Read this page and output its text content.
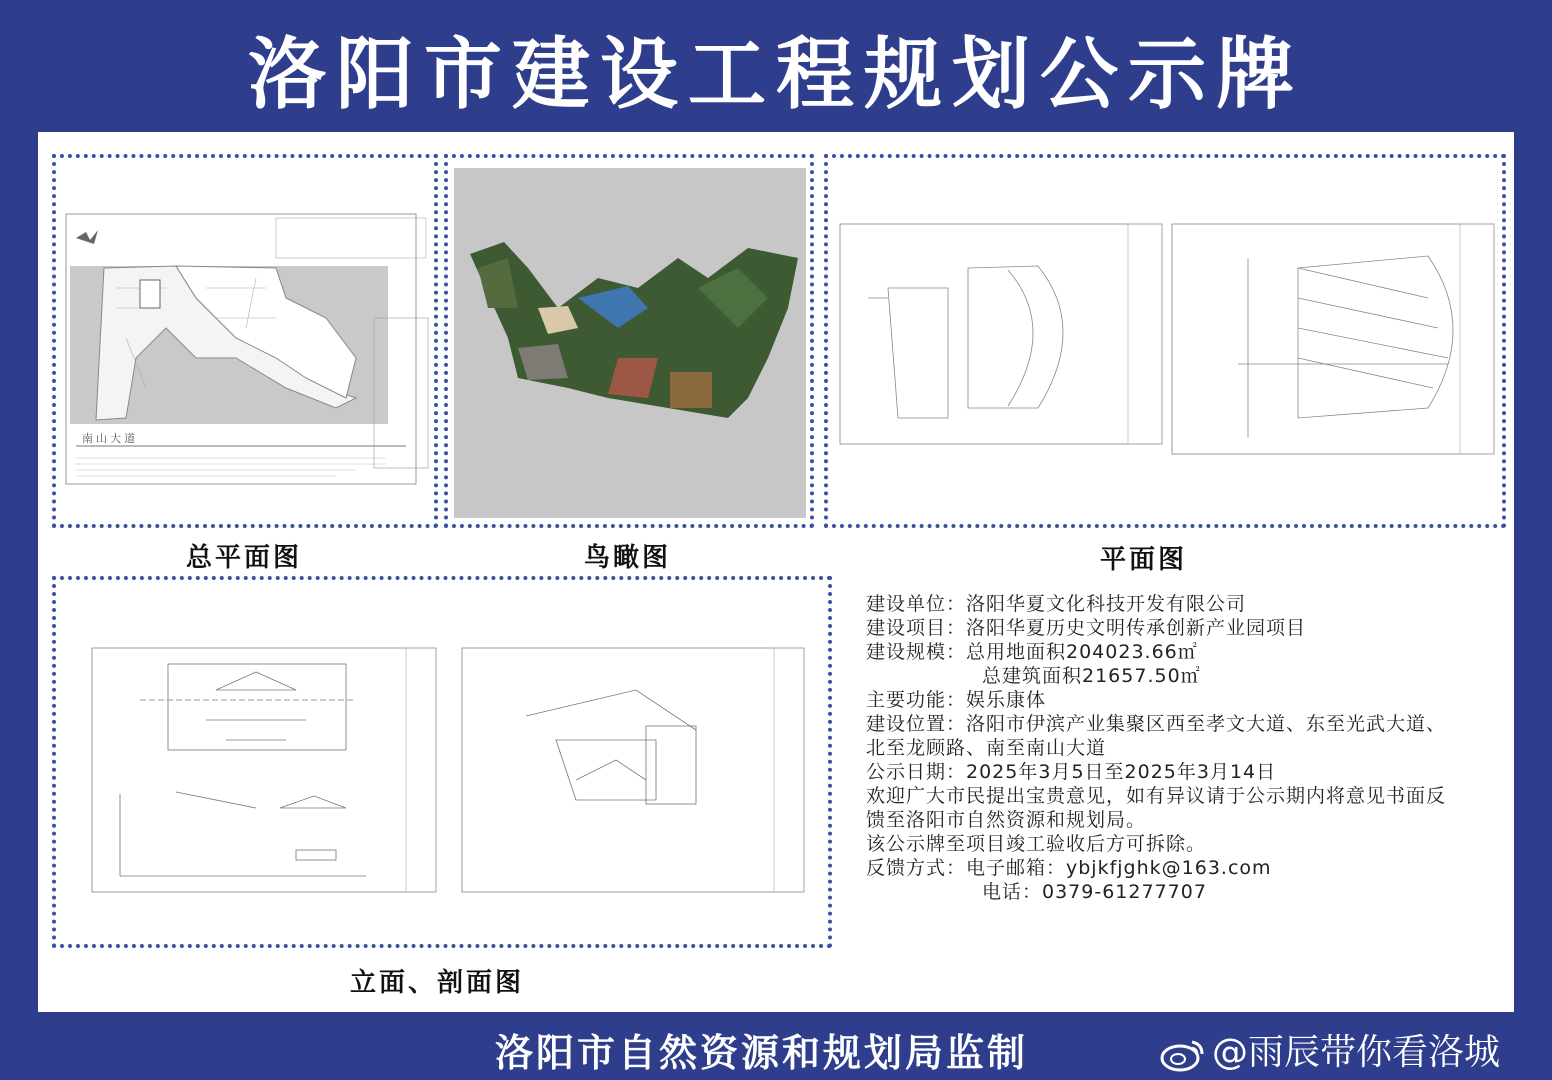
洛阳市建设工程规划公示牌
南 山 大 道
总平面图	鸟瞰图	平面图
立面、剖面图
建设单位：洛阳华夏文化科技开发有限公司
建设项目：洛阳华夏历史文明传承创新产业园项目
建设规模：总用地面积204023.66㎡
总建筑面积21657.50㎡
主要功能：娱乐康体
建设位置：洛阳市伊滨产业集聚区西至孝文大道、东至光武大道、
北至龙顾路、南至南山大道
公示日期：2025年3月5日至2025年3月14日
欢迎广大市民提出宝贵意见，如有异议请于公示期内将意见书面反
馈至洛阳市自然资源和规划局。
该公示牌至项目竣工验收后方可拆除。
反馈方式：电子邮箱：ybjkfjghk@163.com
电话：0379-61277707
洛阳市自然资源和规划局监制	@雨辰带你看洛城
